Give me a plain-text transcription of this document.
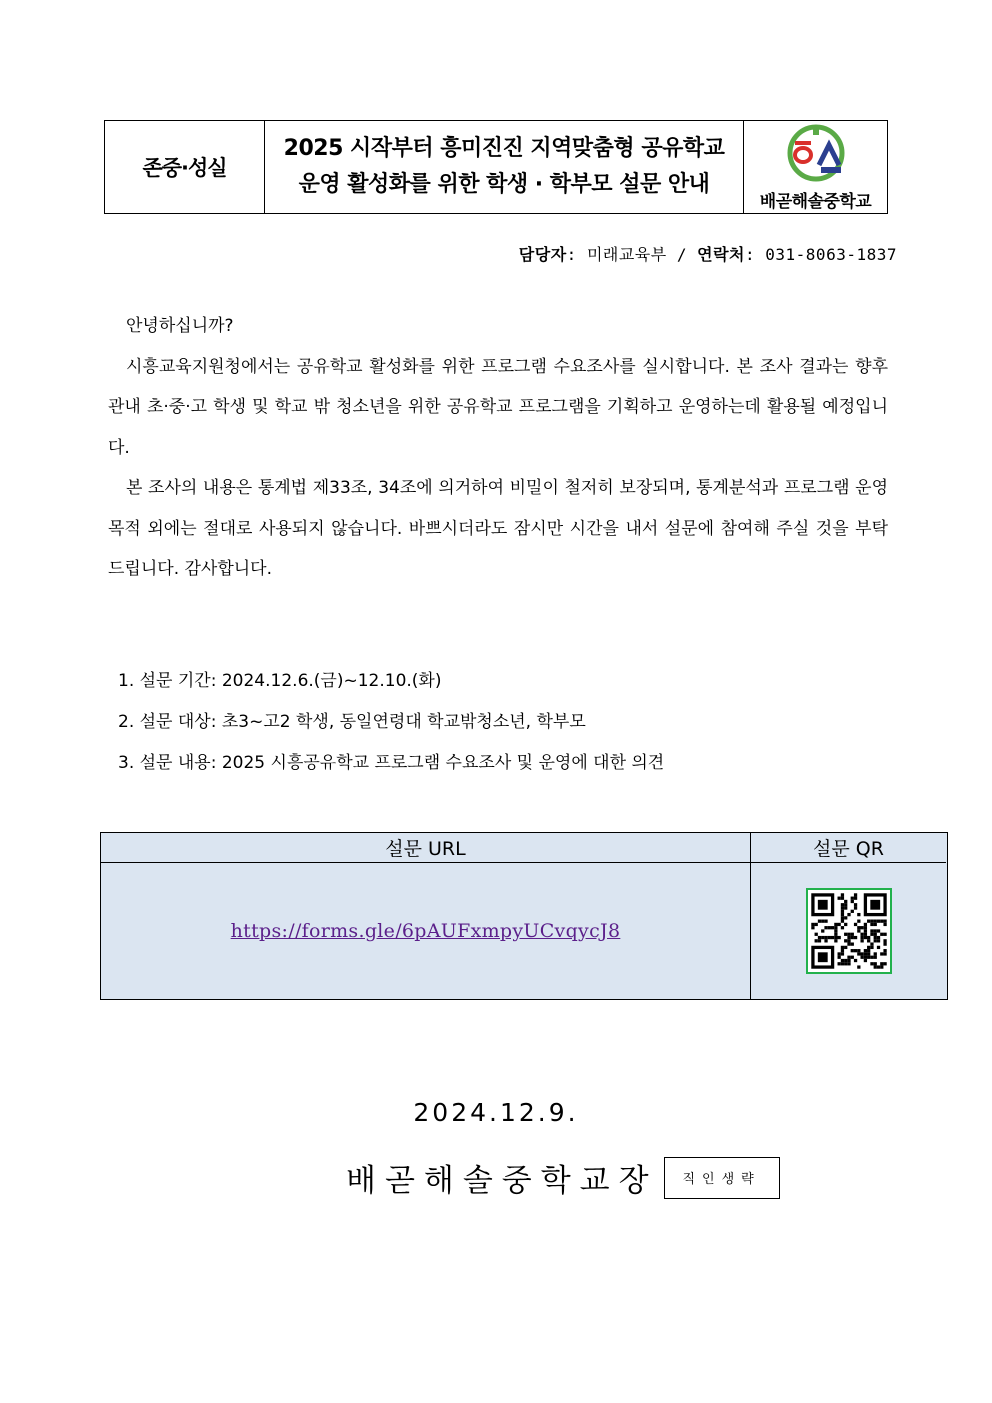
존중·성실
2025 시작부터 흥미진진 지역맞춤형 공유학교
운영 활성화를 위한 학생 · 학부모 설문 안내
배곧해솔중학교
담당자: 미래교육부 / 연락처: 031-8063-1837

안녕하십니까?

시흥교육지원청에서는 공유학교 활성화를 위한 프로그램 수요조사를 실시합니다. 본 조사 결과는 향후 관내 초·중·고 학생 및 학교 밖 청소년을 위한 공유학교 프로그램을 기획하고 운영하는데 활용될 예정입니다.

본 조사의 내용은 통계법 제33조, 34조에 의거하여 비밀이 철저히 보장되며, 통계분석과 프로그램 운영 목적 외에는 절대로 사용되지 않습니다. 바쁘시더라도 잠시만 시간을 내서 설문에 참여해 주실 것을 부탁드립니다. 감사합니다.

1. 설문 기간: 2024.12.6.(금)~12.10.(화)
2. 설문 대상: 초3~고2 학생, 동일연령대 학교밖청소년, 학부모
3. 설문 내용: 2025 시흥공유학교 프로그램 수요조사 및 운영에 대한 의견
설문 URL	설문 QR
https://forms.gle/6pAUFxmpyUCvqycJ8
2024.12.9.
배곧해솔중학교장	직인생략
